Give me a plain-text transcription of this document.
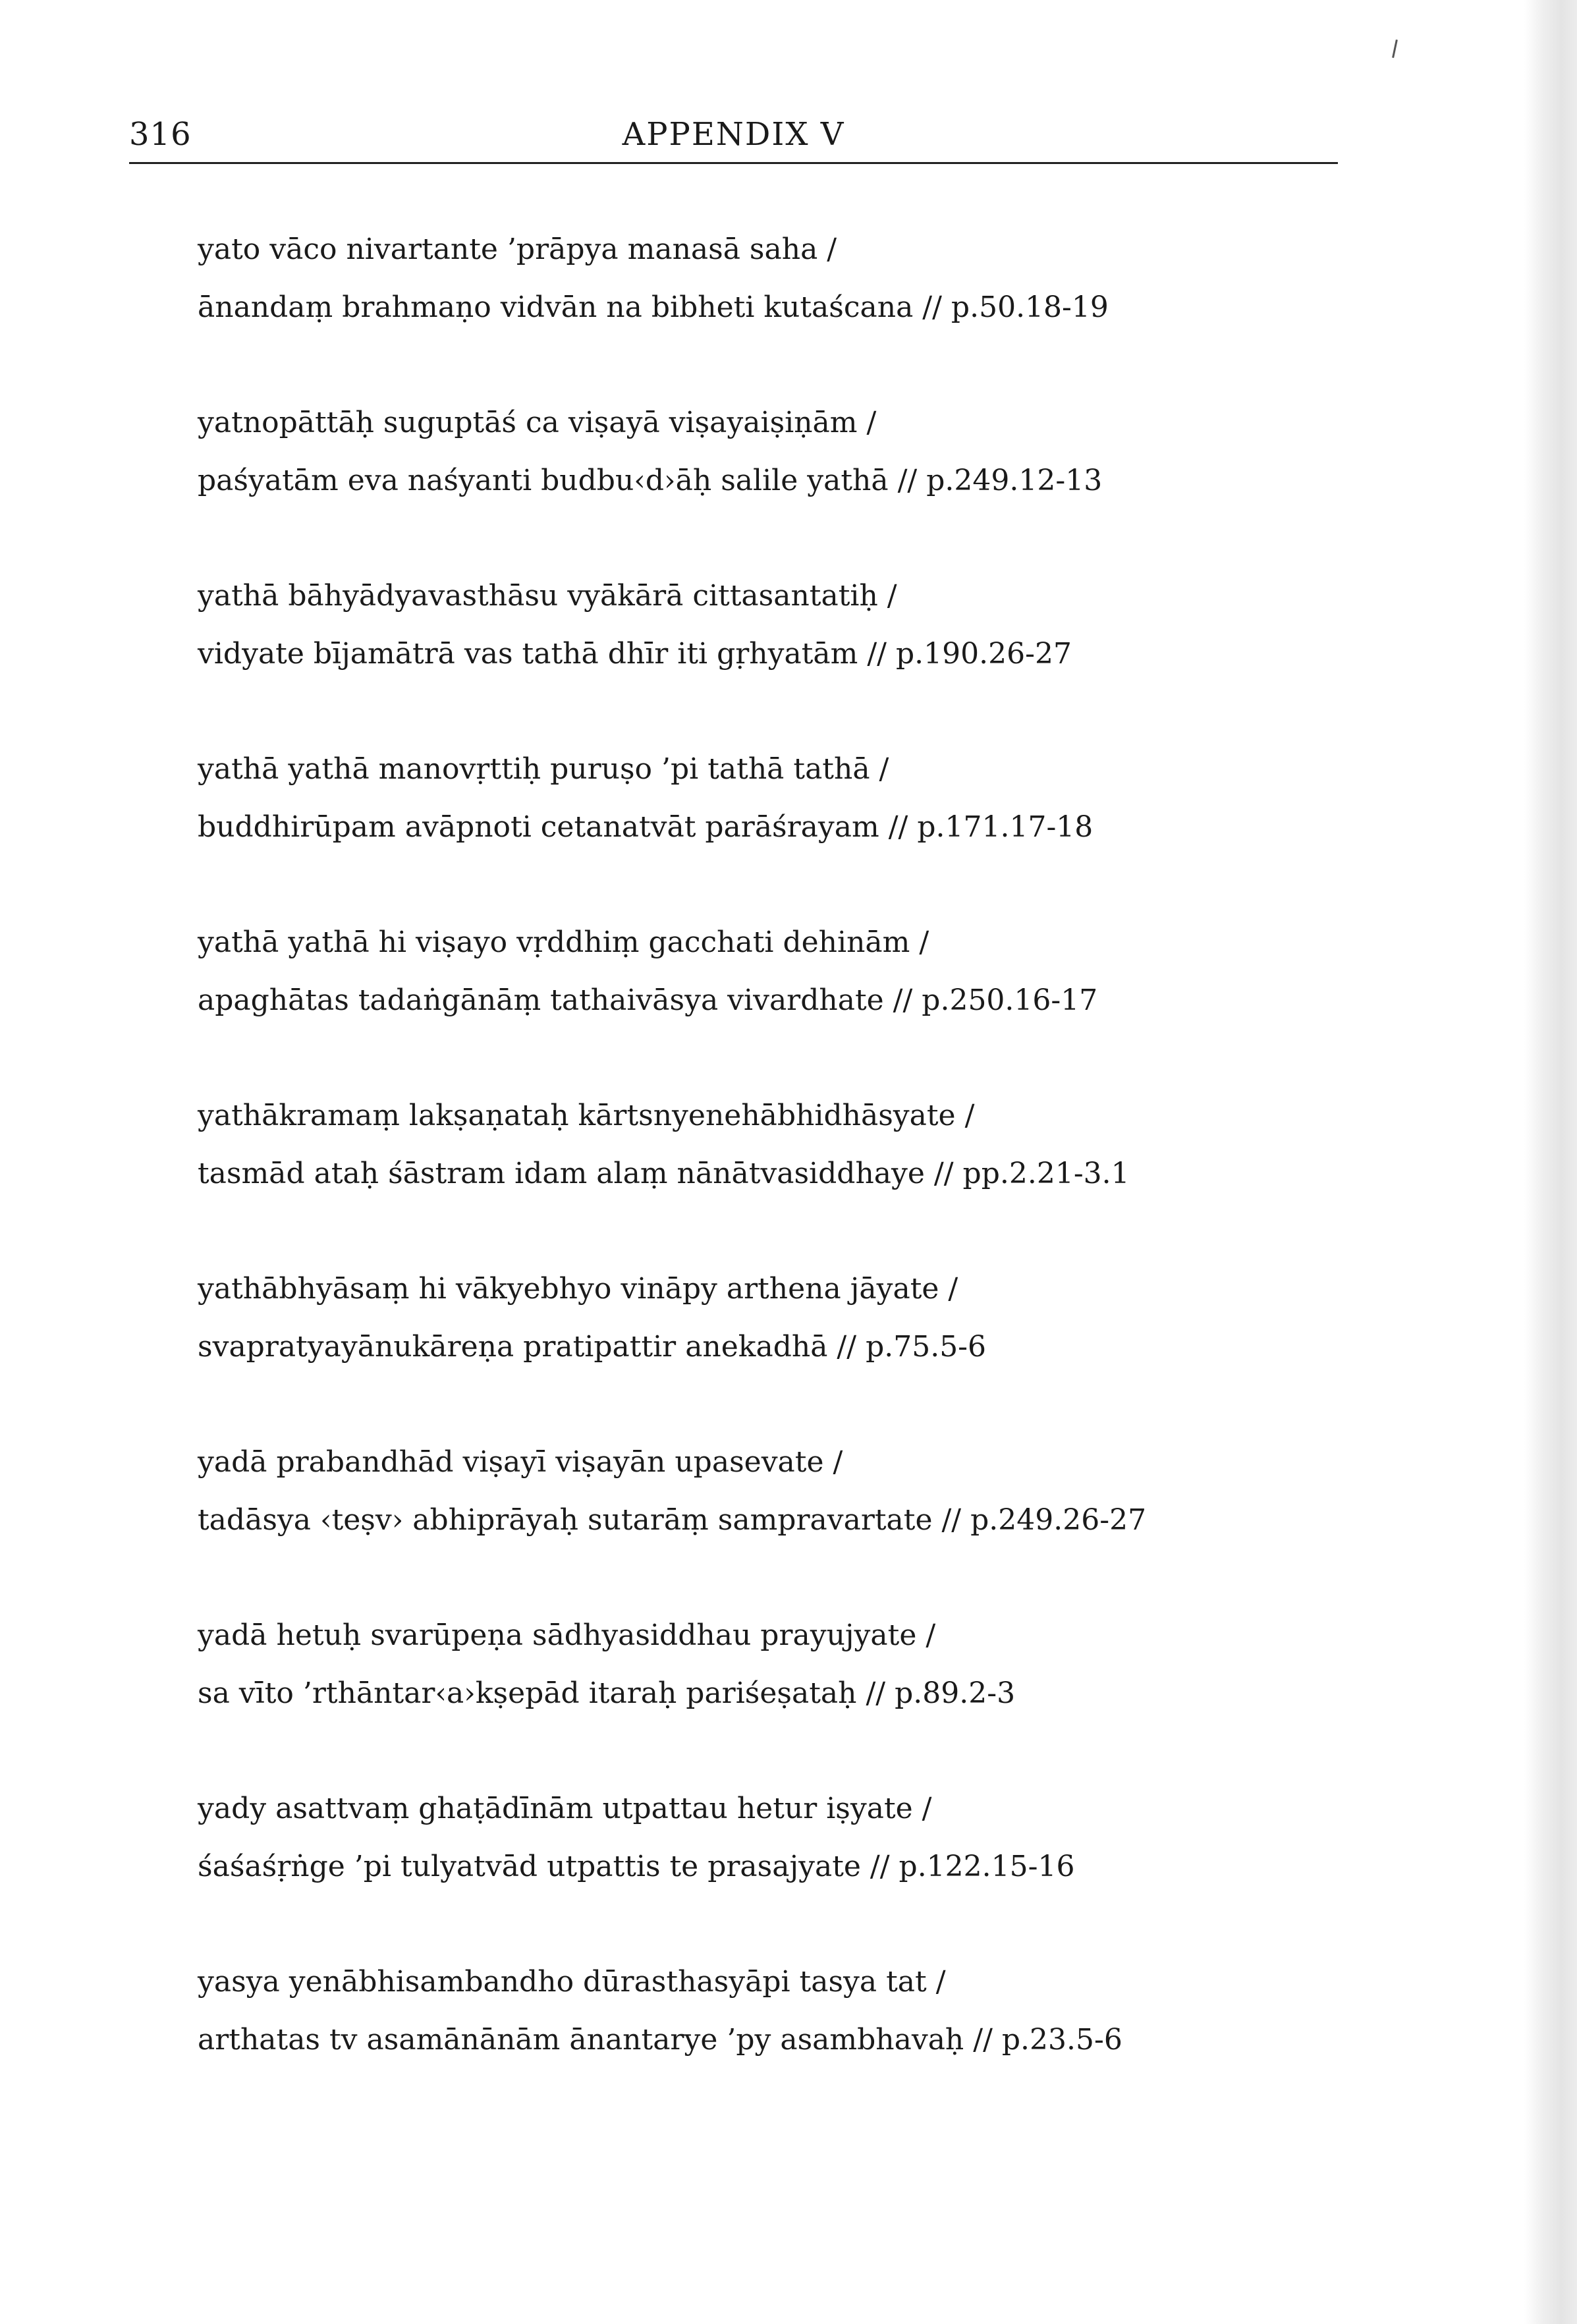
316	APPENDIX V
yato vāco nivartante ’prāpya manasā saha /
ānandaṃ brahmaṇo vidvān na bibheti kutaścana // p.50.18-19
yatnopāttāḥ suguptāś ca viṣayā viṣayaiṣiṇām /
paśyatām eva naśyanti budbu‹d›āḥ salile yathā // p.249.12-13
yathā bāhyādyavasthāsu vyākārā cittasantatiḥ /
vidyate bījamātrā vas tathā dhīr iti gṛhyatām // p.190.26-27
yathā yathā manovṛttiḥ puruṣo ’pi tathā tathā /
buddhirūpam avāpnoti cetanatvāt parāśrayam // p.171.17-18
yathā yathā hi viṣayo vṛddhiṃ gacchati dehinām /
apaghātas tadaṅgānāṃ tathaivāsya vivardhate // p.250.16-17
yathākramaṃ lakṣaṇataḥ kārtsnyenehābhidhāsyate /
tasmād ataḥ śāstram idam alaṃ nānātvasiddhaye // pp.2.21-3.1
yathābhyāsaṃ hi vākyebhyo vināpy arthena jāyate /
svapratyayānukāreṇa pratipattir anekadhā // p.75.5-6
yadā prabandhād viṣayī viṣayān upasevate /
tadāsya ‹teṣv› abhiprāyaḥ sutarāṃ sampravartate // p.249.26-27
yadā hetuḥ svarūpeṇa sādhyasiddhau prayujyate /
sa vīto ’rthāntar‹a›kṣepād itaraḥ pariśeṣataḥ // p.89.2-3
yady asattvaṃ ghaṭādīnām utpattau hetur iṣyate /
śaśaśṛṅge ’pi tulyatvād utpattis te prasajyate // p.122.15-16
yasya yenābhisambandho dūrasthasyāpi tasya tat /
arthatas tv asamānānām ānantarye ’py asambhavaḥ // p.23.5-6
